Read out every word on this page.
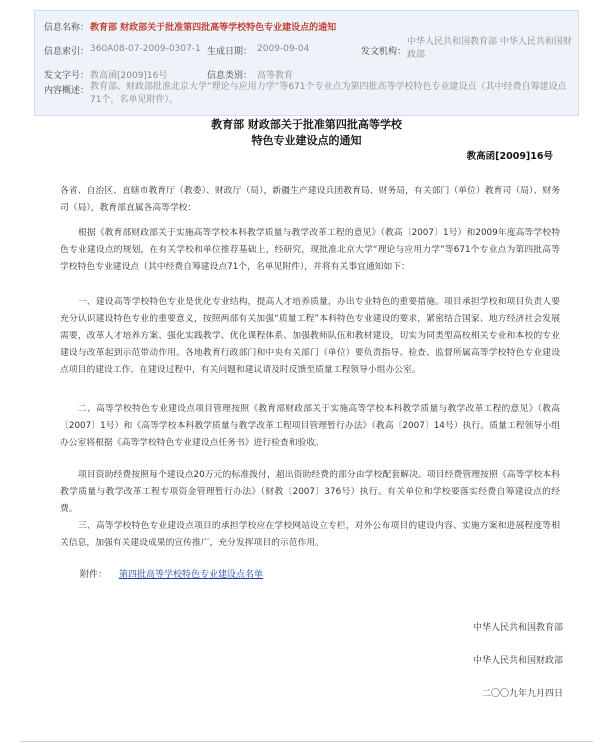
信息名称： 教育部 财政部关于批准第四批高等学校特色专业建设点的通知
信息索引： 360A08-07-2009-0307-1 生成日期： 2009-09-04	发文机构：
中华人民共和国教育部 中华人民共和国财政部
发文字号： 教高函[2009]16号	信息类别： 高等教育
内容概述： 教育部、财政部批准北京大学“理论与应用力学”等671个专业点为第四批高等学校特色专业建设点（其中经费自筹建设点71个，名单见附件）。
教育部 财政部关于批准第四批高等学校
特色专业建设点的通知
教高函[2009]16号
各省、自治区、直辖市教育厅（教委）、财政厅（局），新疆生产建设兵团教育局、财务局，有关部门（单位）教育司（局）、财务司（局），教育部直属各高等学校：
根据《教育部财政部关于实施高等学校本科教学质量与教学改革工程的意见》（教高〔2007〕1号）和2009年度高等学校特色专业建设点的规划，在有关学校和单位推荐基础上，经研究，现批准北京大学“理论与应用力学”等671个专业点为第四批高等学校特色专业建设点（其中经费自筹建设点71个，名单见附件），并将有关事宜通知如下：
一、建设高等学校特色专业是优化专业结构，提高人才培养质量，办出专业特色的重要措施。项目承担学校和项目负责人要充分认识建设特色专业的重要意义，按照两部有关加强“质量工程”本科特色专业建设的要求，紧密结合国家、地方经济社会发展需要，改革人才培养方案、强化实践教学、优化课程体系、加强教师队伍和教材建设，切实为同类型高校相关专业和本校的专业建设与改革起到示范带动作用。各地教育行政部门和中央有关部门（单位）要负责指导、检查、监督所属高等学校特色专业建设点项目的建设工作。在建设过程中，有关问题和建议请及时反馈至质量工程领导小组办公室。
二、高等学校特色专业建设点项目管理按照《教育部财政部关于实施高等学校本科教学质量与教学改革工程的意见》（教高〔2007〕1号）和《高等学校本科教学质量与教学改革工程项目管理暂行办法》（教高〔2007〕14号）执行。质量工程领导小组办公室将根据《高等学校特色专业建设点任务书》进行检查和验收。
项目资助经费按照每个建设点20万元的标准拨付，超出资助经费的部分由学校配套解决。项目经费管理按照《高等学校本科教学质量与教学改革工程专项资金管理暂行办法》（财教〔2007〕376号）执行。有关单位和学校要落实经费自筹建设点的经费。
三、高等学校特色专业建设点项目的承担学校应在学校网站设立专栏，对外公布项目的建设内容、实施方案和进展程度等相关信息，加强有关建设成果的宣传推广，充分发挥项目的示范作用。
附件： 第四批高等学校特色专业建设点名单
中华人民共和国教育部
中华人民共和国财政部
二〇〇九年九月四日
